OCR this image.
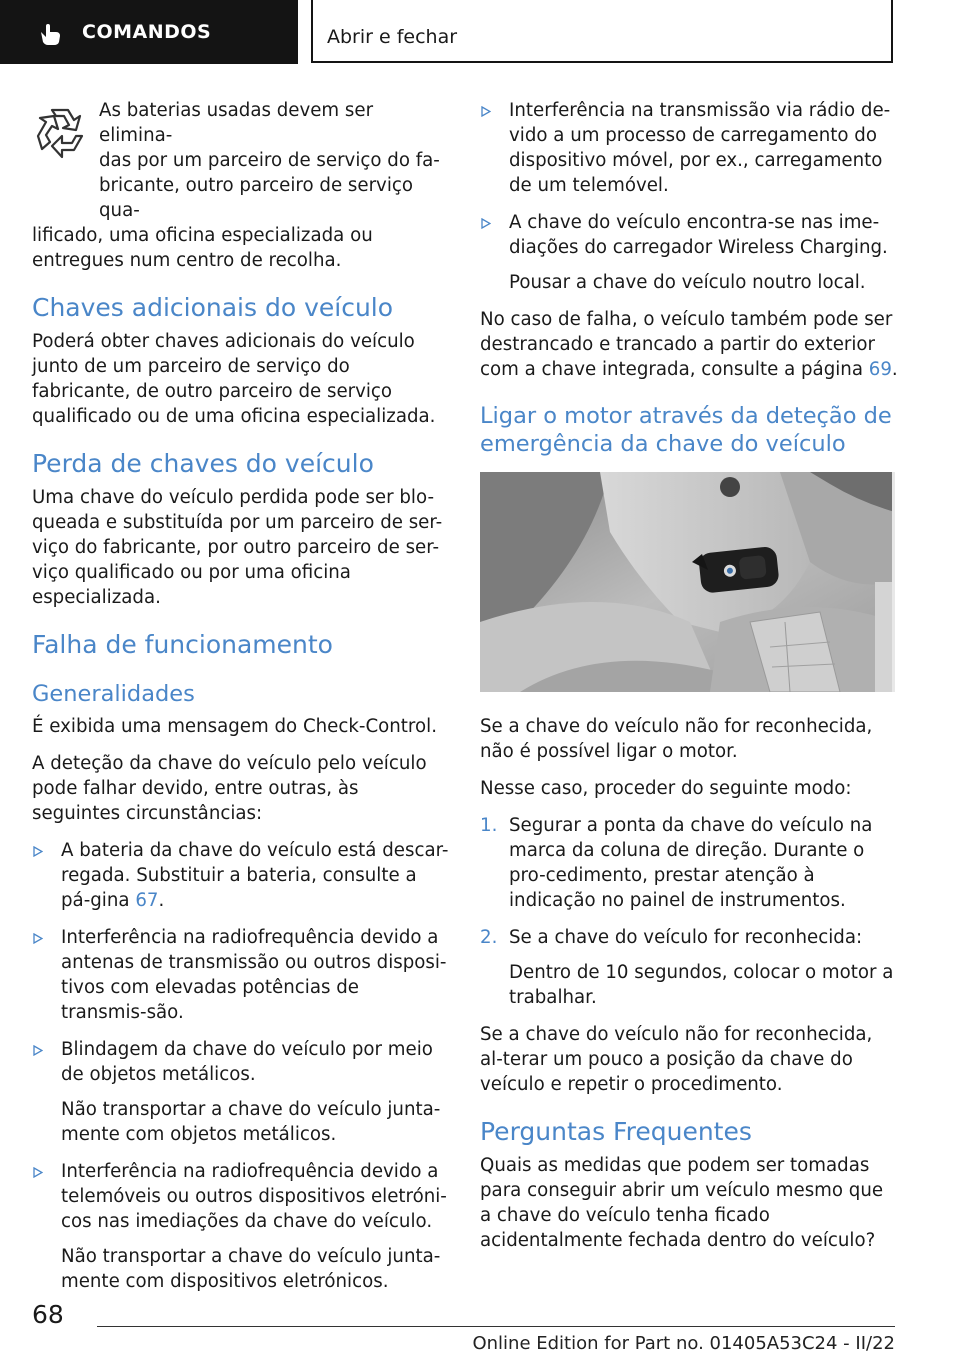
COMANDOS	Abrir e fechar
As baterias usadas devem ser elimina-
das por um parceiro de serviço do fa-
bricante, outro parceiro de serviço qua-

lificado, uma oficina especializada ou entregues num centro de recolha.

Chaves adicionais do veículo

Poderá obter chaves adicionais do veículo junto de um parceiro de serviço do fabricante, de outro parceiro de serviço qualificado ou de uma oficina especializada.

Perda de chaves do veículo

Uma chave do veículo perdida pode ser blo-queada e substituída por um parceiro de ser-viço do fabricante, por outro parceiro de ser-viço qualificado ou por uma oficina especializada.

Falha de funcionamento
Generalidades

É exibida uma mensagem do Check-Control.

A deteção da chave do veículo pelo veículo pode falhar devido, entre outras, às seguintes circunstâncias:

A bateria da chave do veículo está descar-regada. Substituir a bateria, consulte a pá-gina 67.
Interferência na radiofrequência devido a antenas de transmissão ou outros disposi-tivos com elevadas potências de transmis-são.
Blindagem da chave do veículo por meio de objetos metálicos.
Não transportar a chave do veículo junta-mente com objetos metálicos.
Interferência na radiofrequência devido a telemóveis ou outros dispositivos eletróni-cos nas imediações da chave do veículo.
Não transportar a chave do veículo junta-mente com dispositivos eletrónicos.
Interferência na transmissão via rádio de-vido a um processo de carregamento do dispositivo móvel, por ex., carregamento de um telemóvel.
A chave do veículo encontra-se nas ime-diações do carregador Wireless Charging.
Pousar a chave do veículo noutro local.

No caso de falha, o veículo também pode ser destrancado e trancado a partir do exterior com a chave integrada, consulte a página 69.

Ligar o motor através da deteção de emergência da chave do veículo

Se a chave do veículo não for reconhecida, não é possível ligar o motor.

Nesse caso, proceder do seguinte modo:

1. Segurar a ponta da chave do veículo na marca da coluna de direção. Durante o pro-cedimento, prestar atenção à indicação no painel de instrumentos.
2. Se a chave do veículo for reconhecida:
Dentro de 10 segundos, colocar o motor a trabalhar.

Se a chave do veículo não for reconhecida, al-terar um pouco a posição da chave do veículo e repetir o procedimento.

Perguntas Frequentes

Quais as medidas que podem ser tomadas para conseguir abrir um veículo mesmo que a chave do veículo tenha ficado acidentalmente fechada dentro do veículo?

68
Online Edition for Part no. 01405A53C24 - II/22
